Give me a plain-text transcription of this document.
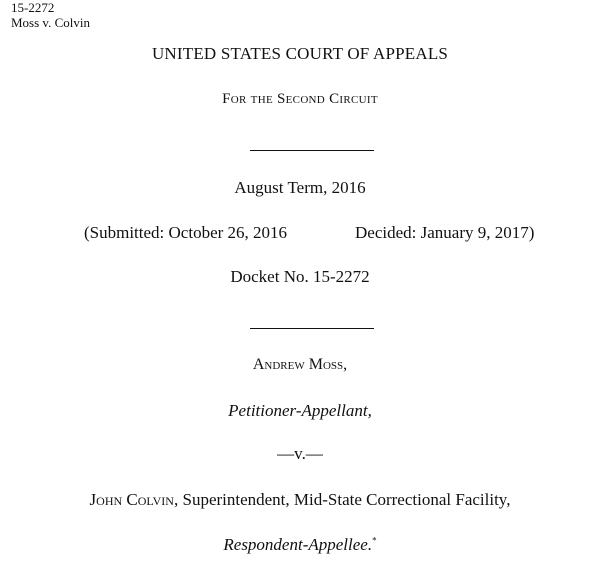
15-2272
Moss v. Colvin
UNITED STATES COURT OF APPEALS
For the Second Circuit
August Term, 2016
(Submitted: October 26, 2016	Decided: January 9, 2017)
Docket No. 15-2272
Andrew Moss,
Petitioner-Appellant,
—v.—
John Colvin, Superintendent, Mid-State Correctional Facility,
Respondent-Appellee.*
